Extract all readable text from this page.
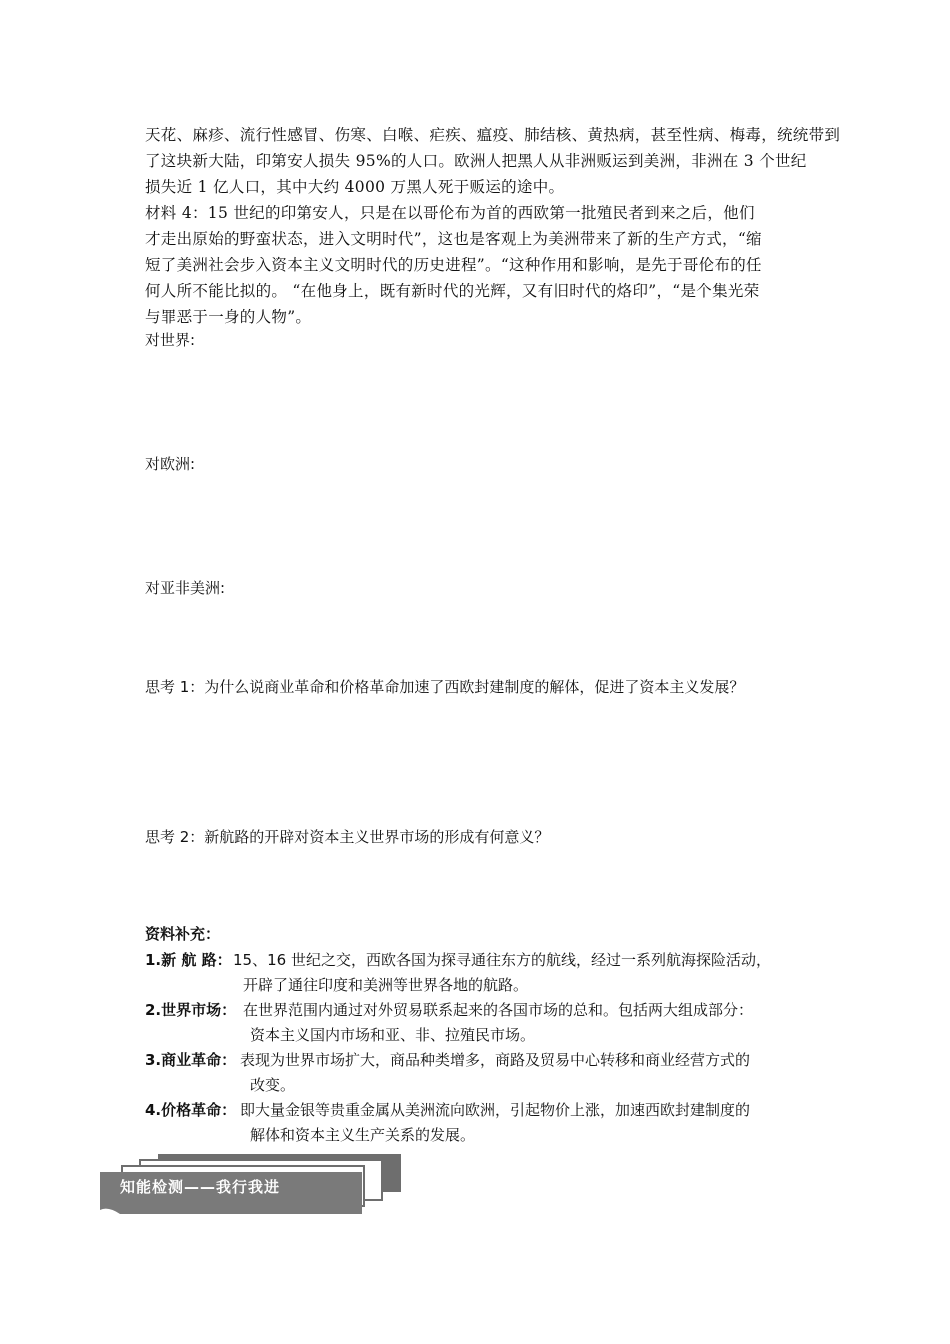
天花、麻疹、流行性感冒、伤寒、白喉、疟疾、瘟疫、肺结核、黄热病，甚至性病、梅毒，统统带到
了这块新大陆，印第安人损失 95%的人口。欧洲人把黑人从非洲贩运到美洲，非洲在 3 个世纪
损失近 1 亿人口，其中大约 4000 万黑人死于贩运的途中。
材料 4：15 世纪的印第安人，只是在以哥伦布为首的西欧第一批殖民者到来之后，他们
才走出原始的野蛮状态，进入文明时代”，这也是客观上为美洲带来了新的生产方式，“缩
短了美洲社会步入资本主义文明时代的历史进程”。“这种作用和影响，是先于哥伦布的任
何人所不能比拟的。 “在他身上，既有新时代的光辉，又有旧时代的烙印”，“是个集光荣
与罪恶于一身的人物”。
对世界:
对欧洲:
对亚非美洲:
思考 1：为什么说商业革命和价格革命加速了西欧封建制度的解体，促进了资本主义发展？
思考 2：新航路的开辟对资本主义世界市场的形成有何意义？
资料补充：
1.新 航 路： 15、16 世纪之交，西欧各国为探寻通往东方的航线，经过一系列航海探险活动，
开辟了通往印度和美洲等世界各地的航路。
2.世界市场： 在世界范围内通过对外贸易联系起来的各国市场的总和。包括两大组成部分：
资本主义国内市场和亚、非、拉殖民市场。
3.商业革命： 表现为世界市场扩大，商品种类增多，商路及贸易中心转移和商业经营方式的
改变。
4.价格革命： 即大量金银等贵重金属从美洲流向欧洲，引起物价上涨，加速西欧封建制度的
解体和资本主义生产关系的发展。
知能检测——我行我进
